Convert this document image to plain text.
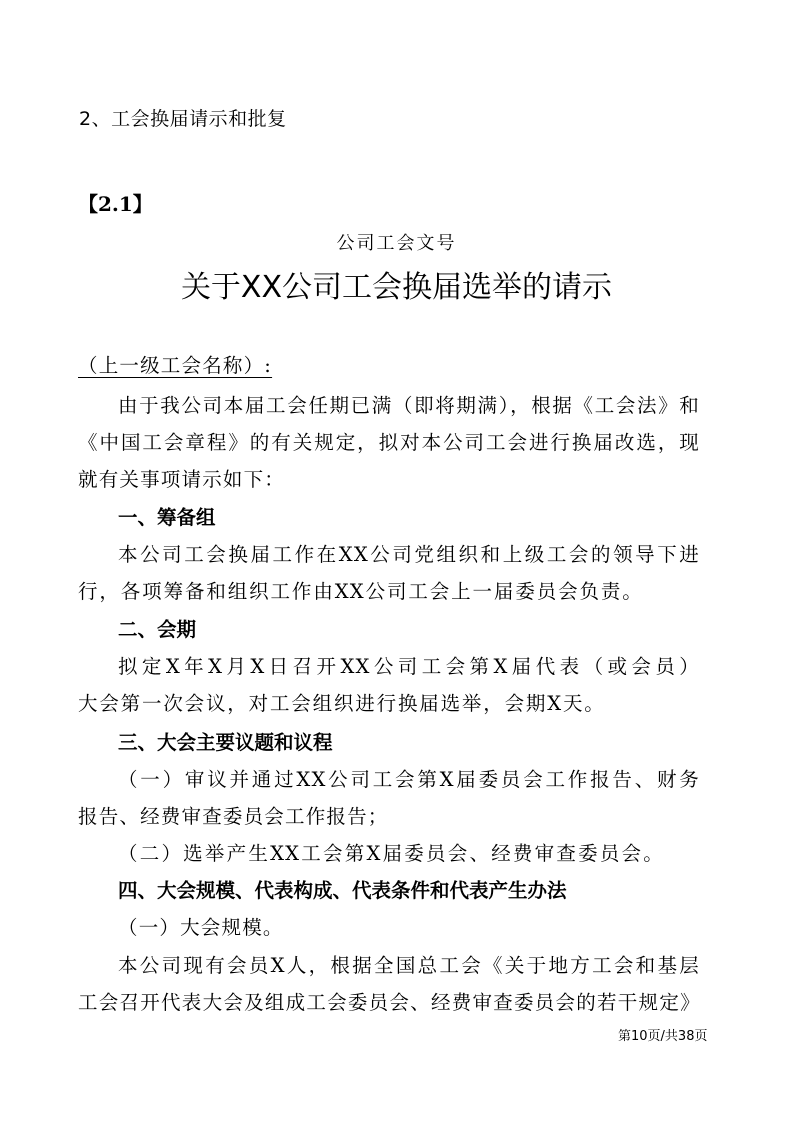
2、工会换届请示和批复
【2.1】
公司工会文号
关于XX公司工会换届选举的请示
（上一级工会名称）:
由于我公司本届工会任期已满（即将期满），根据《工会法》和
《中国工会章程》的有关规定，拟对本公司工会进行换届改选，现
就有关事项请示如下：
一、筹备组
本公司工会换届工作在XX公司党组织和上级工会的领导下进
行，各项筹备和组织工作由XX公司工会上一届委员会负责。
二、会期
拟定X年X月X日召开XX公司工会第X届代表（或会员）
大会第一次会议，对工会组织进行换届选举，会期X天。
三、大会主要议题和议程
（一）审议并通过XX公司工会第X届委员会工作报告、财务
报告、经费审查委员会工作报告；
（二）选举产生XX工会第X届委员会、经费审查委员会。
四、大会规模、代表构成、代表条件和代表产生办法
（一）大会规模。
本公司现有会员X人，根据全国总工会《关于地方工会和基层
工会召开代表大会及组成工会委员会、经费审查委员会的若干规定》
第10页/共38页
